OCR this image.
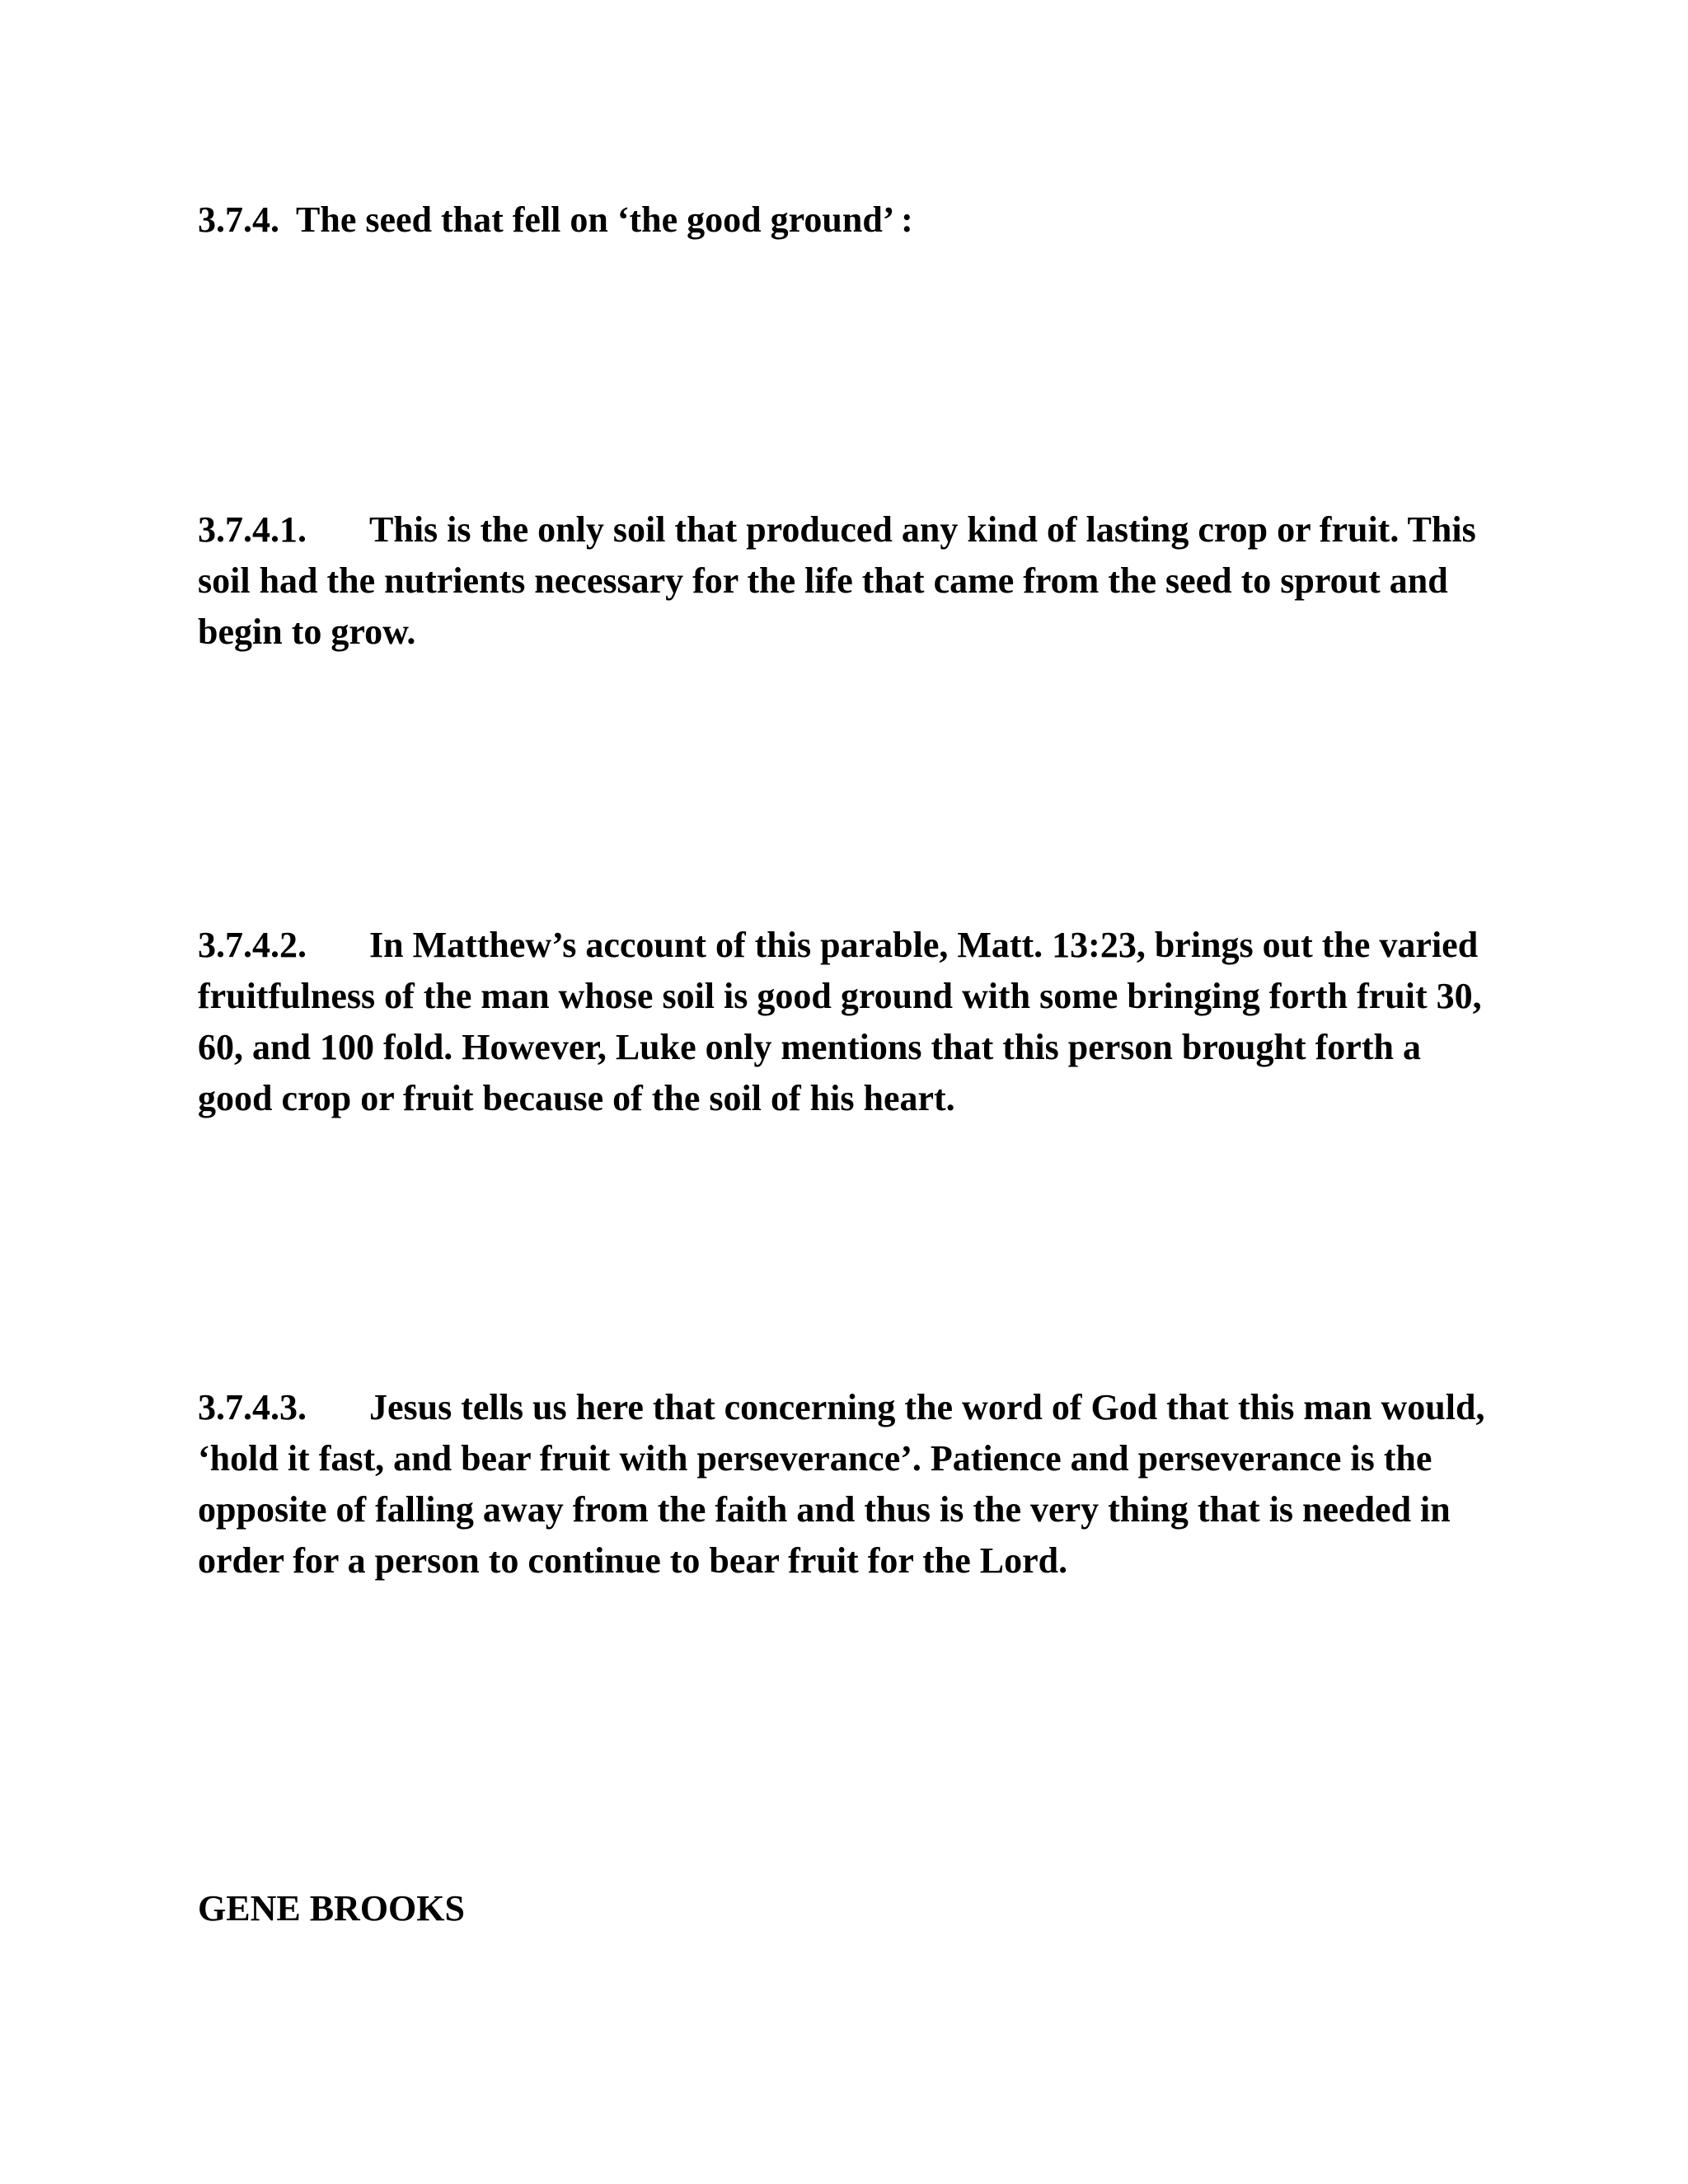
3.7.4. The seed that fell on ‘the good ground’ :

3.7.4.1. This is the only soil that produced any kind of lasting crop or fruit. This soil had the nutrients necessary for the life that came from the seed to sprout and begin to grow.

3.7.4.2. In Matthew’s account of this parable, Matt. 13:23, brings out the varied fruitfulness of the man whose soil is good ground with some bringing forth fruit 30, 60, and 100 fold. However, Luke only mentions that this person brought forth a good crop or fruit because of the soil of his heart.

3.7.4.3. Jesus tells us here that concerning the word of God that this man would, ‘hold it fast, and bear fruit with perseverance’. Patience and perseverance is the opposite of falling away from the faith and thus is the very thing that is needed in order for a person to continue to bear fruit for the Lord.

GENE BROOKS
